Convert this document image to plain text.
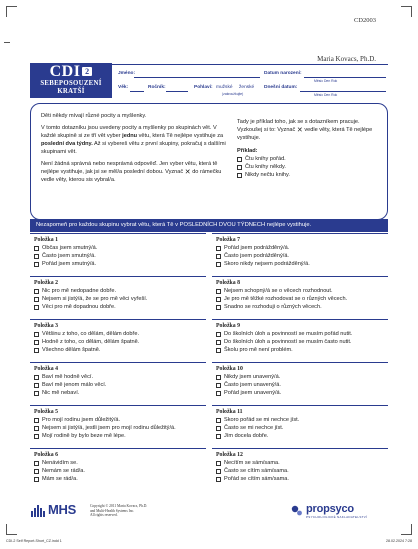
CD2003
Maria Kovacs, Ph.D.
CDI 2
SEBEPOSOUZENÍ
KRATŠÍ
Jméno:	Datum narození:
Měsíc Den Rok
Věk:	Ročník:	Pohlaví: mužské ženské
(zakroužkujte)
Dnešní datum:
Měsíc Den Rok

Děti někdy mívají různé pocity a myšlenky.

V tomto dotazníku jsou uvedeny pocity a myšlenky po skupinách vět. V každé skupině si ze tří vět vyber jednu větu, která Tě nejlépe vystihuje za poslední dva týdny. Až si vybereš větu z první skupiny, pokračuj s dalšími skupinami vět.

Není žádná správná nebo nesprávná odpověď. Jen vyber větu, která tě nejlépe vystihuje, jak jsi se měl/a poslední dobou. Vyznač ✕ do rámečku vedle věty, kterou sis vybral/a.

Tady je příklad toho, jak se s dotazníkem pracuje. Vyzkoušej si to: Vyznač ✕ vedle věty, která Tě nejlépe vystihuje.

Příklad:

Čtu knihy pořád.
Čtu knihy někdy.
Nikdy nečtu knihy.
Nezapomeň pro každou skupinu vybrat větu, která Tě v POSLEDNÍCH DVOU TÝDNECH nejlépe vystihuje.
Položka 1
Občas jsem smutný/á.
Často jsem smutný/á.
Pořád jsem smutný/á.
Položka 2
Nic pro mě nedopadne dobře.
Nejsem si jistý/á, že se pro mě věci vyřeší.
Věci pro mě dopadnou dobře.
Položka 3
Většinu z toho, co dělám, dělám dobře.
Hodně z toho, co dělám, dělám špatně.
Všechno dělám špatně.
Položka 4
Baví mě hodně věcí.
Baví mě jenom málo věcí.
Nic mě nebaví.
Položka 5
Pro mojí rodinu jsem důležitý/á.
Nejsem si jistý/á, jestli jsem pro mojí rodinu důležitý/á.
Mojí rodině by bylo beze mě lépe.
Položka 6
Nenávidím se.
Nemám se rád/a.
Mám se rád/a.
Položka 7
Pořád jsem podrážděný/á.
Často jsem podrážděný/á.
Skoro nikdy nejsem podrážděný/á.
Položka 8
Nejsem schopný/á se o věcech rozhodnout.
Je pro mě těžké rozhodovat se o různých věcech.
Snadno se rozhoduji o různých věcech.
Položka 9
Do školních úloh a povinností se musím pořád nutit.
Do školních úloh a povinností se musím často nutit.
Školu pro mě není problém.
Položka 10
Nikdy jsem unavený/á.
Často jsem unavený/á.
Pořád jsem unavený/á.
Položka 11
Skoro pořád se mi nechce jíst.
Často se mi nechce jíst.
Jím docela dobře.
Položka 12
Necítím se sám/sama.
Často se cítím sám/sama.
Pořád se cítím sám/sama.
MHS	Copyright © 2011 Maria Kovacs, Ph.D.
and Multi-Health Systems Inc.
All rights reserved.	propsyco
PSYCHOLOGICKÉ NAKLADATELSTVÍ
CDI-2 Self Report-Short_CZ.indd 1	28.02.2024 7:28
